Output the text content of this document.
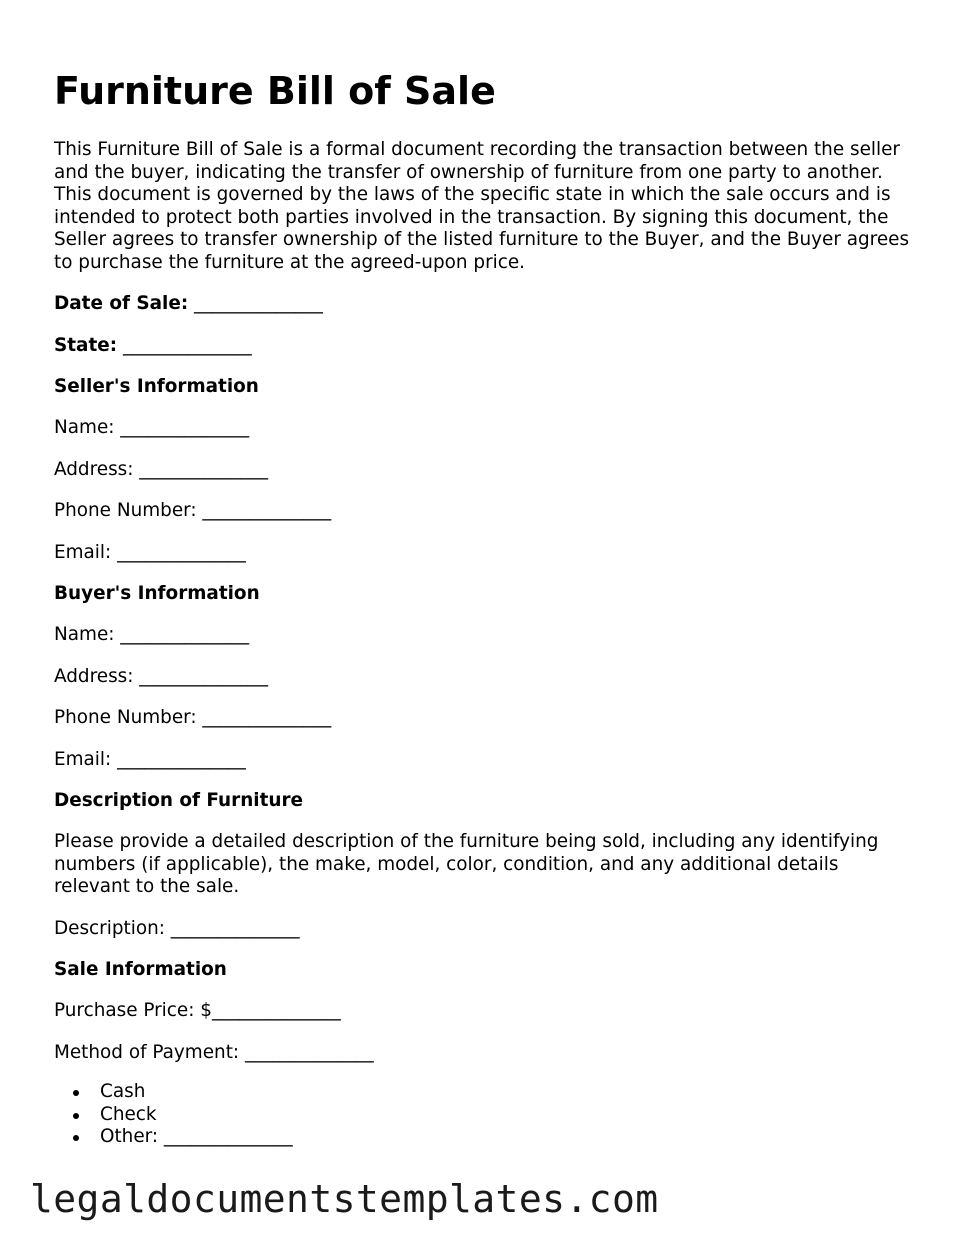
Furniture Bill of Sale

This Furniture Bill of Sale is a formal document recording the transaction between the seller and the buyer, indicating the transfer of ownership of furniture from one party to another. This document is governed by the laws of the specific state in which the sale occurs and is intended to protect both parties involved in the transaction. By signing this document, the Seller agrees to transfer ownership of the listed furniture to the Buyer, and the Buyer agrees to purchase the furniture at the agreed-upon price.

Date of Sale: ______________

State: ______________

Seller's Information

Name: ______________

Address: ______________

Phone Number: ______________

Email: ______________

Buyer's Information

Name: ______________

Address: ______________

Phone Number: ______________

Email: ______________

Description of Furniture

Please provide a detailed description of the furniture being sold, including any identifying numbers (if applicable), the make, model, color, condition, and any additional details relevant to the sale.

Description: ______________

Sale Information

Purchase Price: $______________

Method of Payment: ______________

Cash
Check
Other: ______________
legaldocumentstemplates.com
